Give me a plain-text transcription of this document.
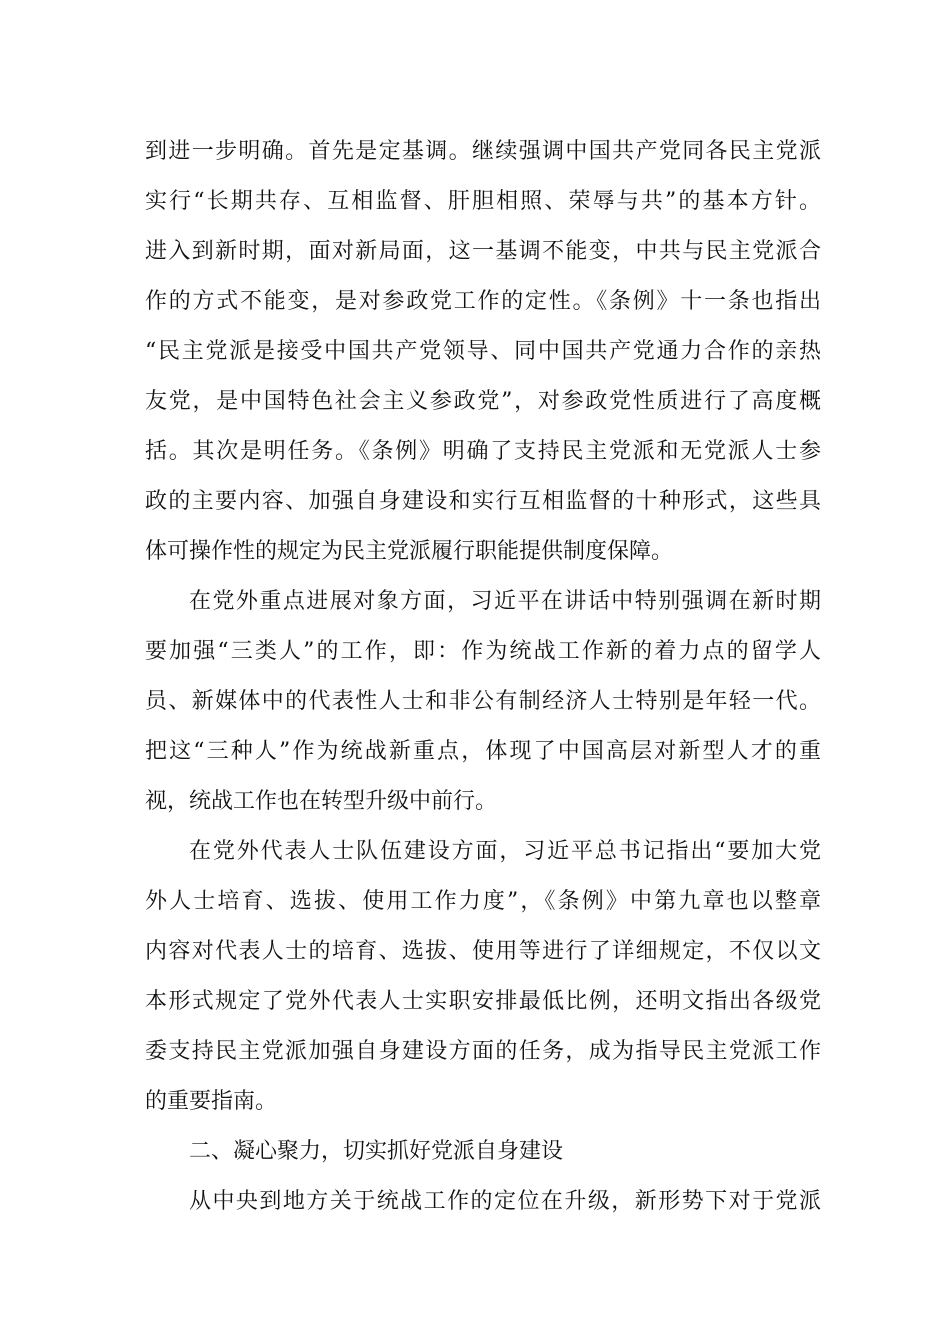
到进一步明确。首先是定基调。继续强调中国共产党同各民主党派
实行“长期共存、互相监督、肝胆相照、荣辱与共”的基本方针。
进入到新时期，面对新局面，这一基调不能变，中共与民主党派合
作的方式不能变，是对参政党工作的定性。《条例》十一条也指出
“民主党派是接受中国共产党领导、同中国共产党通力合作的亲热
友党，是中国特色社会主义参政党”，对参政党性质进行了高度概
括。其次是明任务。《条例》明确了支持民主党派和无党派人士参
政的主要内容、加强自身建设和实行互相监督的十种形式，这些具
体可操作性的规定为民主党派履行职能提供制度保障。
在党外重点进展对象方面，习近平在讲话中特别强调在新时期
要加强“三类人”的工作，即：作为统战工作新的着力点的留学人
员、新媒体中的代表性人士和非公有制经济人士特别是年轻一代。
把这“三种人”作为统战新重点，体现了中国高层对新型人才的重
视，统战工作也在转型升级中前行。
在党外代表人士队伍建设方面，习近平总书记指出“要加大党
外人士培育、选拔、使用工作力度”，《条例》中第九章也以整章
内容对代表人士的培育、选拔、使用等进行了详细规定，不仅以文
本形式规定了党外代表人士实职安排最低比例，还明文指出各级党
委支持民主党派加强自身建设方面的任务，成为指导民主党派工作
的重要指南。
二、凝心聚力，切实抓好党派自身建设
从中央到地方关于统战工作的定位在升级，新形势下对于党派
